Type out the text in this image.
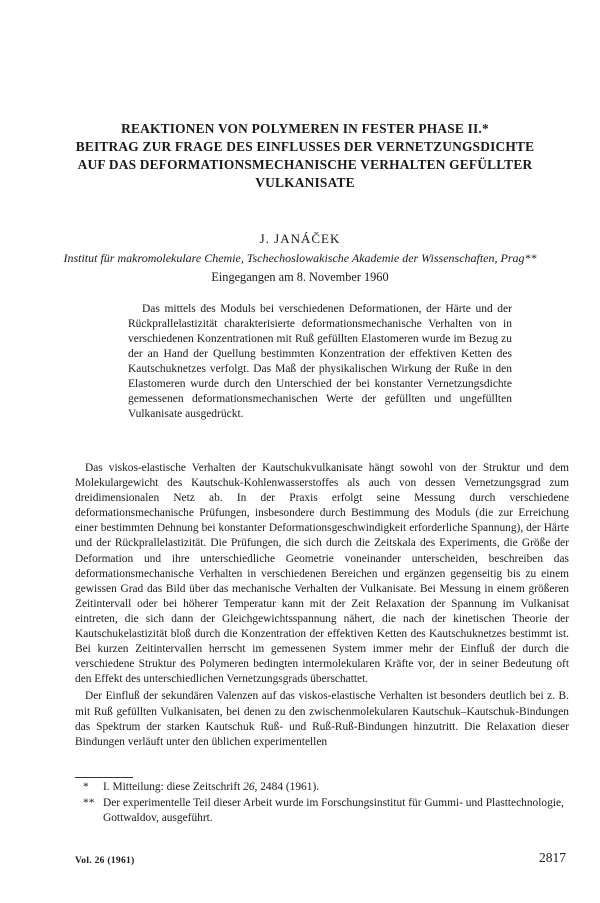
REAKTIONEN VON POLYMEREN IN FESTER PHASE II.*
BEITRAG ZUR FRAGE DES EINFLUSSES DER VERNETZUNGSDICHTE
AUF DAS DEFORMATIONSMECHANISCHE VERHALTEN GEFÜLLTER
VULKANISATE
J. JANÁČEK
Institut für makromolekulare Chemie, Tschechoslowakische Akademie der Wissenschaften, Prag**
Eingegangen am 8. November 1960

Das mittels des Moduls bei verschiedenen Deformationen, der Härte und der Rückprallelastizität charakterisierte deformationsmechanische Verhalten von in verschiedenen Konzentrationen mit Ruß gefüllten Elastomeren wurde im Bezug zu der an Hand der Quellung bestimmten Konzentration der effektiven Ketten des Kautschuknetzes verfolgt. Das Maß der physikalischen Wirkung der Ruße in den Elastomeren wurde durch den Unterschied der bei konstanter Vernetzungsdichte gemessenen deformationsmechanischen Werte der gefüllten und ungefüllten Vulkanisate ausgedrückt.

Das viskos-elastische Verhalten der Kautschukvulkanisate hängt sowohl von der Struktur und dem Molekulargewicht des Kautschuk-Kohlenwasserstoffes als auch von dessen Vernetzungsgrad zum dreidimensionalen Netz ab. In der Praxis erfolgt seine Messung durch verschiedene deformationsmechanische Prüfungen, insbesondere durch Bestimmung des Moduls (die zur Erreichung einer bestimmten Dehnung bei konstanter Deformationsgeschwindigkeit erforderliche Spannung), der Härte und der Rückprallelastizität. Die Prüfungen, die sich durch die Zeitskala des Experiments, die Größe der Deformation und ihre unterschiedliche Geometrie voneinander unterscheiden, beschreiben das deformationsmechanische Verhalten in verschiedenen Bereichen und ergänzen gegenseitig bis zu einem gewissen Grad das Bild über das mechanische Verhalten der Vulkanisate. Bei Messung in einem größeren Zeitintervall oder bei höherer Temperatur kann mit der Zeit Relaxation der Spannung im Vulkanisat eintreten, die sich dann der Gleichgewichtsspannung nähert, die nach der kinetischen Theorie der Kautschukelastizität bloß durch die Konzentration der effektiven Ketten des Kautschuknetzes bestimmt ist. Bei kurzen Zeitintervallen herrscht im gemessenen System immer mehr der Einfluß der durch die verschiedene Struktur des Polymeren bedingten intermolekularen Kräfte vor, der in seiner Bedeutung oft den Effekt des unterschiedlichen Vernetzungsgrads überschattet.

Der Einfluß der sekundären Valenzen auf das viskos-elastische Verhalten ist besonders deutlich bei z. B. mit Ruß gefüllten Vulkanisaten, bei denen zu den zwischenmolekularen Kautschuk–Kautschuk-Bindungen das Spektrum der starken Kautschuk Ruß- und Ruß-Ruß-Bindungen hinzutritt. Die Relaxation dieser Bindungen verläuft unter den üblichen experimentellen

* I. Mitteilung: diese Zeitschrift 26, 2484 (1961).
** Der experimentelle Teil dieser Arbeit wurde im Forschungsinstitut für Gummi- und Plasttechnologie, Gottwaldov, ausgeführt.
Vol. 26 (1961)	2817
